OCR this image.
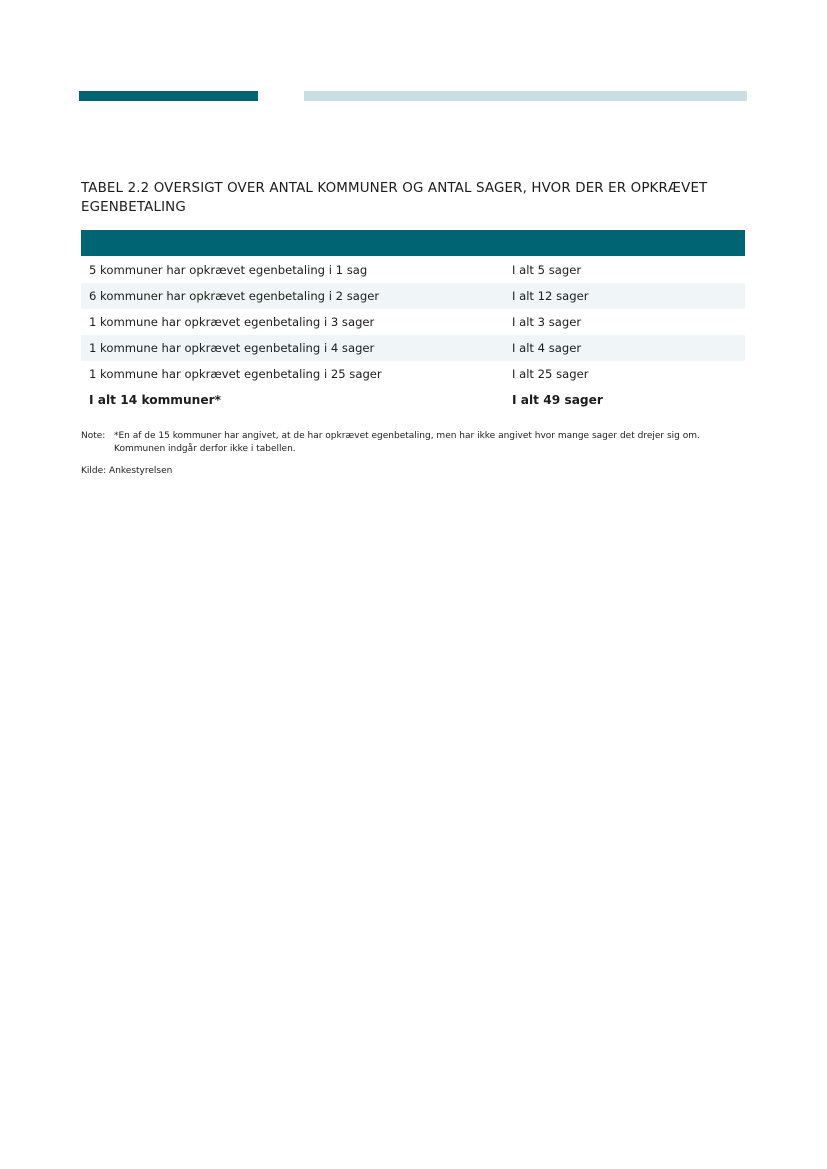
TABEL 2.2 OVERSIGT OVER ANTAL KOMMUNER OG ANTAL SAGER, HVOR DER ER OPKRÆVET EGENBETALING
5 kommuner har opkrævet egenbetaling i 1 sag	I alt 5 sager
6 kommuner har opkrævet egenbetaling i 2 sager	I alt 12 sager
1 kommune har opkrævet egenbetaling i 3 sager	I alt 3 sager
1 kommune har opkrævet egenbetaling i 4 sager	I alt 4 sager
1 kommune har opkrævet egenbetaling i 25 sager	I alt 25 sager
I alt 14 kommuner*	I alt 49 sager
Note: *En af de 15 kommuner har angivet, at de har opkrævet egenbetaling, men har ikke angivet hvor mange sager det drejer sig om. Kommunen indgår derfor ikke i tabellen.
Kilde: Ankestyrelsen
